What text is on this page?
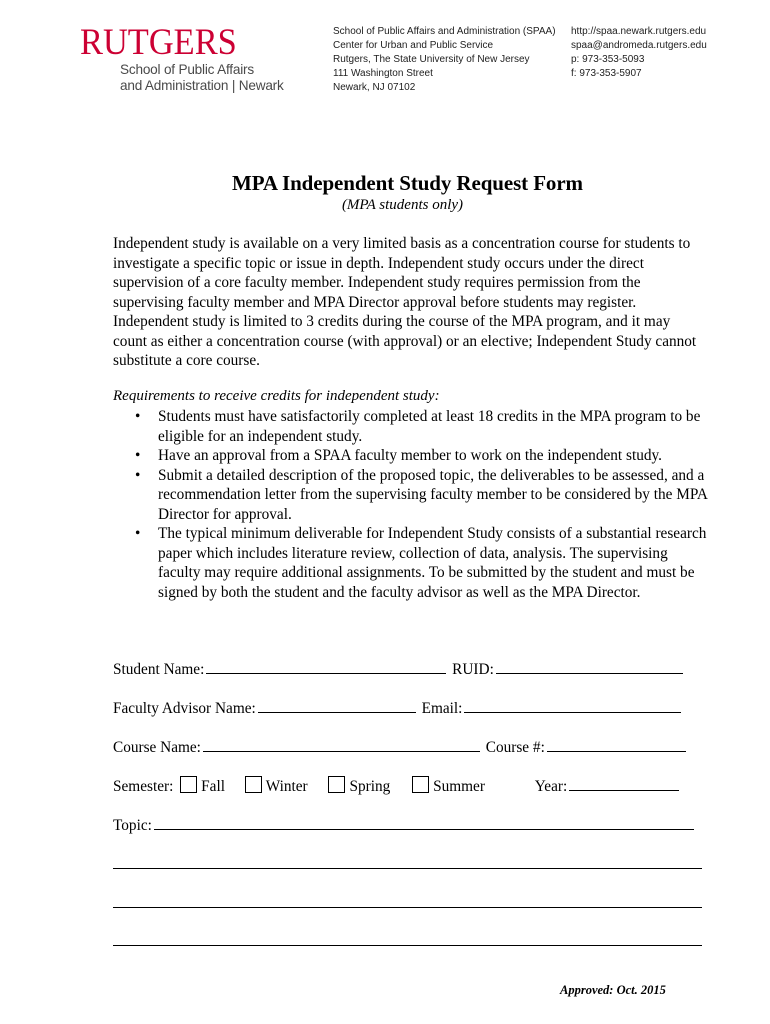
RUTGERS
School of Public Affairs
and Administration | Newark
School of Public Affairs and Administration (SPAA)
Center for Urban and Public Service
Rutgers, The State University of New Jersey
111 Washington Street
Newark, NJ 07102
http://spaa.newark.rutgers.edu
spaa@andromeda.rutgers.edu
p: 973-353-5093
f: 973-353-5907
MPA Independent Study Request Form
(MPA students only)

Independent study is available on a very limited basis as a concentration course for students to investigate a specific topic or issue in depth. Independent study occurs under the direct supervision of a core faculty member. Independent study requires permission from the supervising faculty member and MPA Director approval before students may register. Independent study is limited to 3 credits during the course of the MPA program, and it may count as either a concentration course (with approval) or an elective; Independent Study cannot substitute a core course.

Requirements to receive credits for independent study:
• Students must have satisfactorily completed at least 18 credits in the MPA program to be eligible for an independent study.
• Have an approval from a SPAA faculty member to work on the independent study.
• Submit a detailed description of the proposed topic, the deliverables to be assessed, and a recommendation letter from the supervising faculty member to be considered by the MPA Director for approval.
• The typical minimum deliverable for Independent Study consists of a substantial research paper which includes literature review, collection of data, analysis. The supervising faculty may require additional assignments. To be submitted by the student and must be signed by both the student and the faculty advisor as well as the MPA Director.
Student Name:	RUID:
Faculty Advisor Name:	Email:
Course Name:	Course #:
Semester: Fall	Winter	Spring	Summer	Year:
Topic:
Approved: Oct. 2015
